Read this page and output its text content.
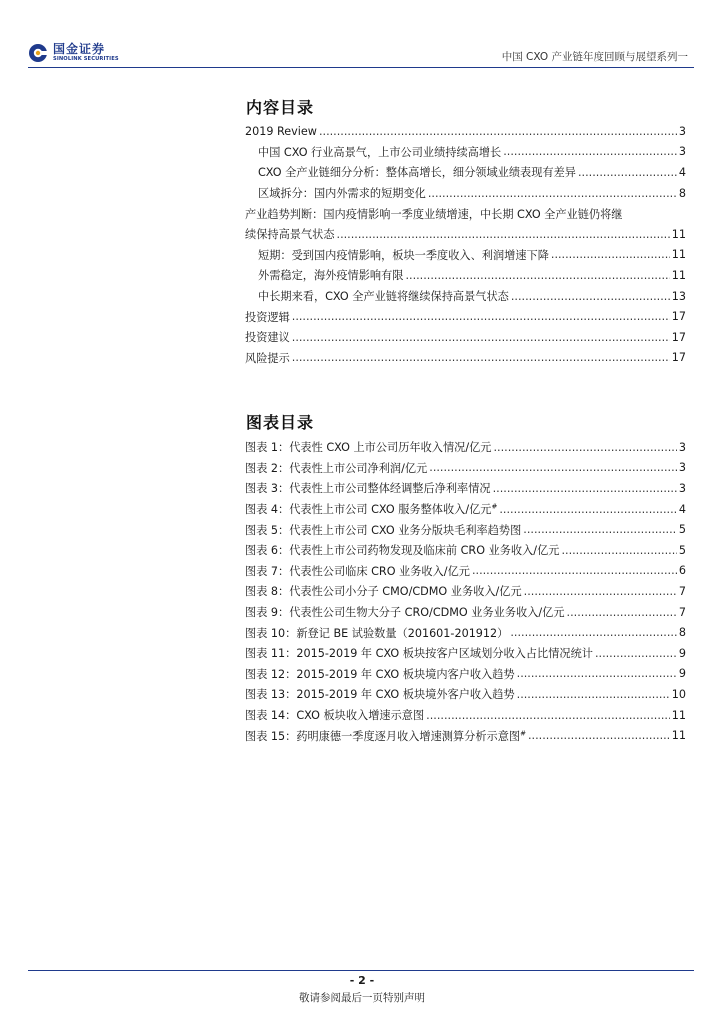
国金证券
SINOLINK SECURITIES	中国 CXO 产业链年度回顾与展望系列一
内容目录
2019 Review .....	3
中国 CXO 行业高景气，上市公司业绩持续高增长 .....	3
CXO 全产业链细分分析：整体高增长，细分领域业绩表现有差异 .....	4
区域拆分：国内外需求的短期变化 .....	8
产业趋势判断：国内疫情影响一季度业绩增速，中长期 CXO 全产业链仍将继
续保持高景气状态 .....	11
短期：受到国内疫情影响，板块一季度收入、利润增速下降 .....	11
外需稳定，海外疫情影响有限 .....	11
中长期来看，CXO 全产业链将继续保持高景气状态 .....	13
投资逻辑 .....	17
投资建议 .....	17
风险提示 .....	17
图表目录
图表 1：代表性 CXO 上市公司历年收入情况/亿元 .....	3
图表 2：代表性上市公司净利润/亿元 .....	3
图表 3：代表性上市公司整体经调整后净利率情况 .....	3
图表 4：代表性上市公司 CXO 服务整体收入/亿元# .....	4
图表 5：代表性上市公司 CXO 业务分版块毛利率趋势图 .....	5
图表 6：代表性上市公司药物发现及临床前 CRO 业务收入/亿元 .....	5
图表 7：代表性公司临床 CRO 业务收入/亿元 .....	6
图表 8：代表性公司小分子 CMO/CDMO 业务收入/亿元 .....	7
图表 9：代表性公司生物大分子 CRO/CDMO 业务业务收入/亿元 .....	7
图表 10：新登记 BE 试验数量（201601-201912） .....	8
图表 11：2015-2019 年 CXO 板块按客户区域划分收入占比情况统计 .....	9
图表 12：2015-2019 年 CXO 板块境内客户收入趋势 .....	9
图表 13：2015-2019 年 CXO 板块境外客户收入趋势 .....	10
图表 14：CXO 板块收入增速示意图 .....	11
图表 15：药明康德一季度逐月收入增速测算分析示意图# .....	11
- 2 -
敬请参阅最后一页特别声明
